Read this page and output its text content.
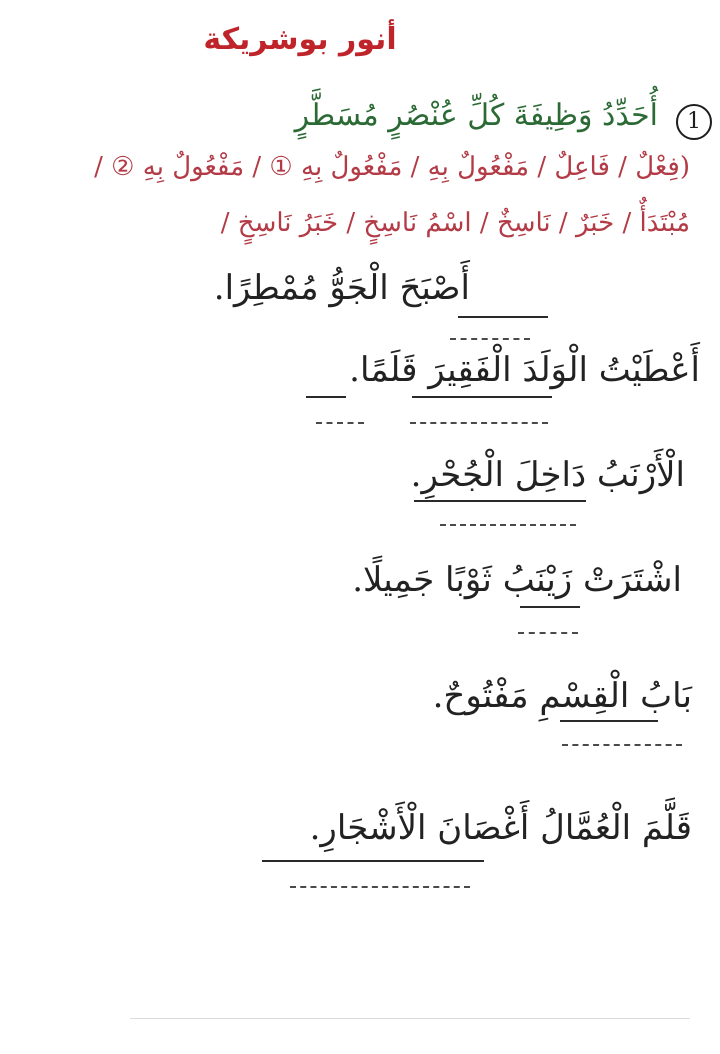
أنور بوشريكة
1
أُحَدِّدُ وَظِيفَةَ كُلِّ عُنْصُرٍ مُسَطَّرٍ
(فِعْلٌ / فَاعِلٌ / مَفْعُولٌ بِهِ / مَفْعُولٌ بِهِ ① / مَفْعُولٌ بِهِ ② /
مُبْتَدَأٌ / خَبَرٌ / نَاسِخٌ / اسْمُ نَاسِخٍ / خَبَرُ نَاسِخٍ /
أَصْبَحَ الْجَوُّ مُمْطِرًا.
أَعْطَيْتُ الْوَلَدَ الْفَقِيرَ قَلَمًا.
الْأَرْنَبُ دَاخِلَ الْجُحْرِ.
اشْتَرَتْ زَيْنَبُ ثَوْبًا جَمِيلًا.
بَابُ الْقِسْمِ مَفْتُوحٌ.
قَلَّمَ الْعُمَّالُ أَغْصَانَ الْأَشْجَارِ.
